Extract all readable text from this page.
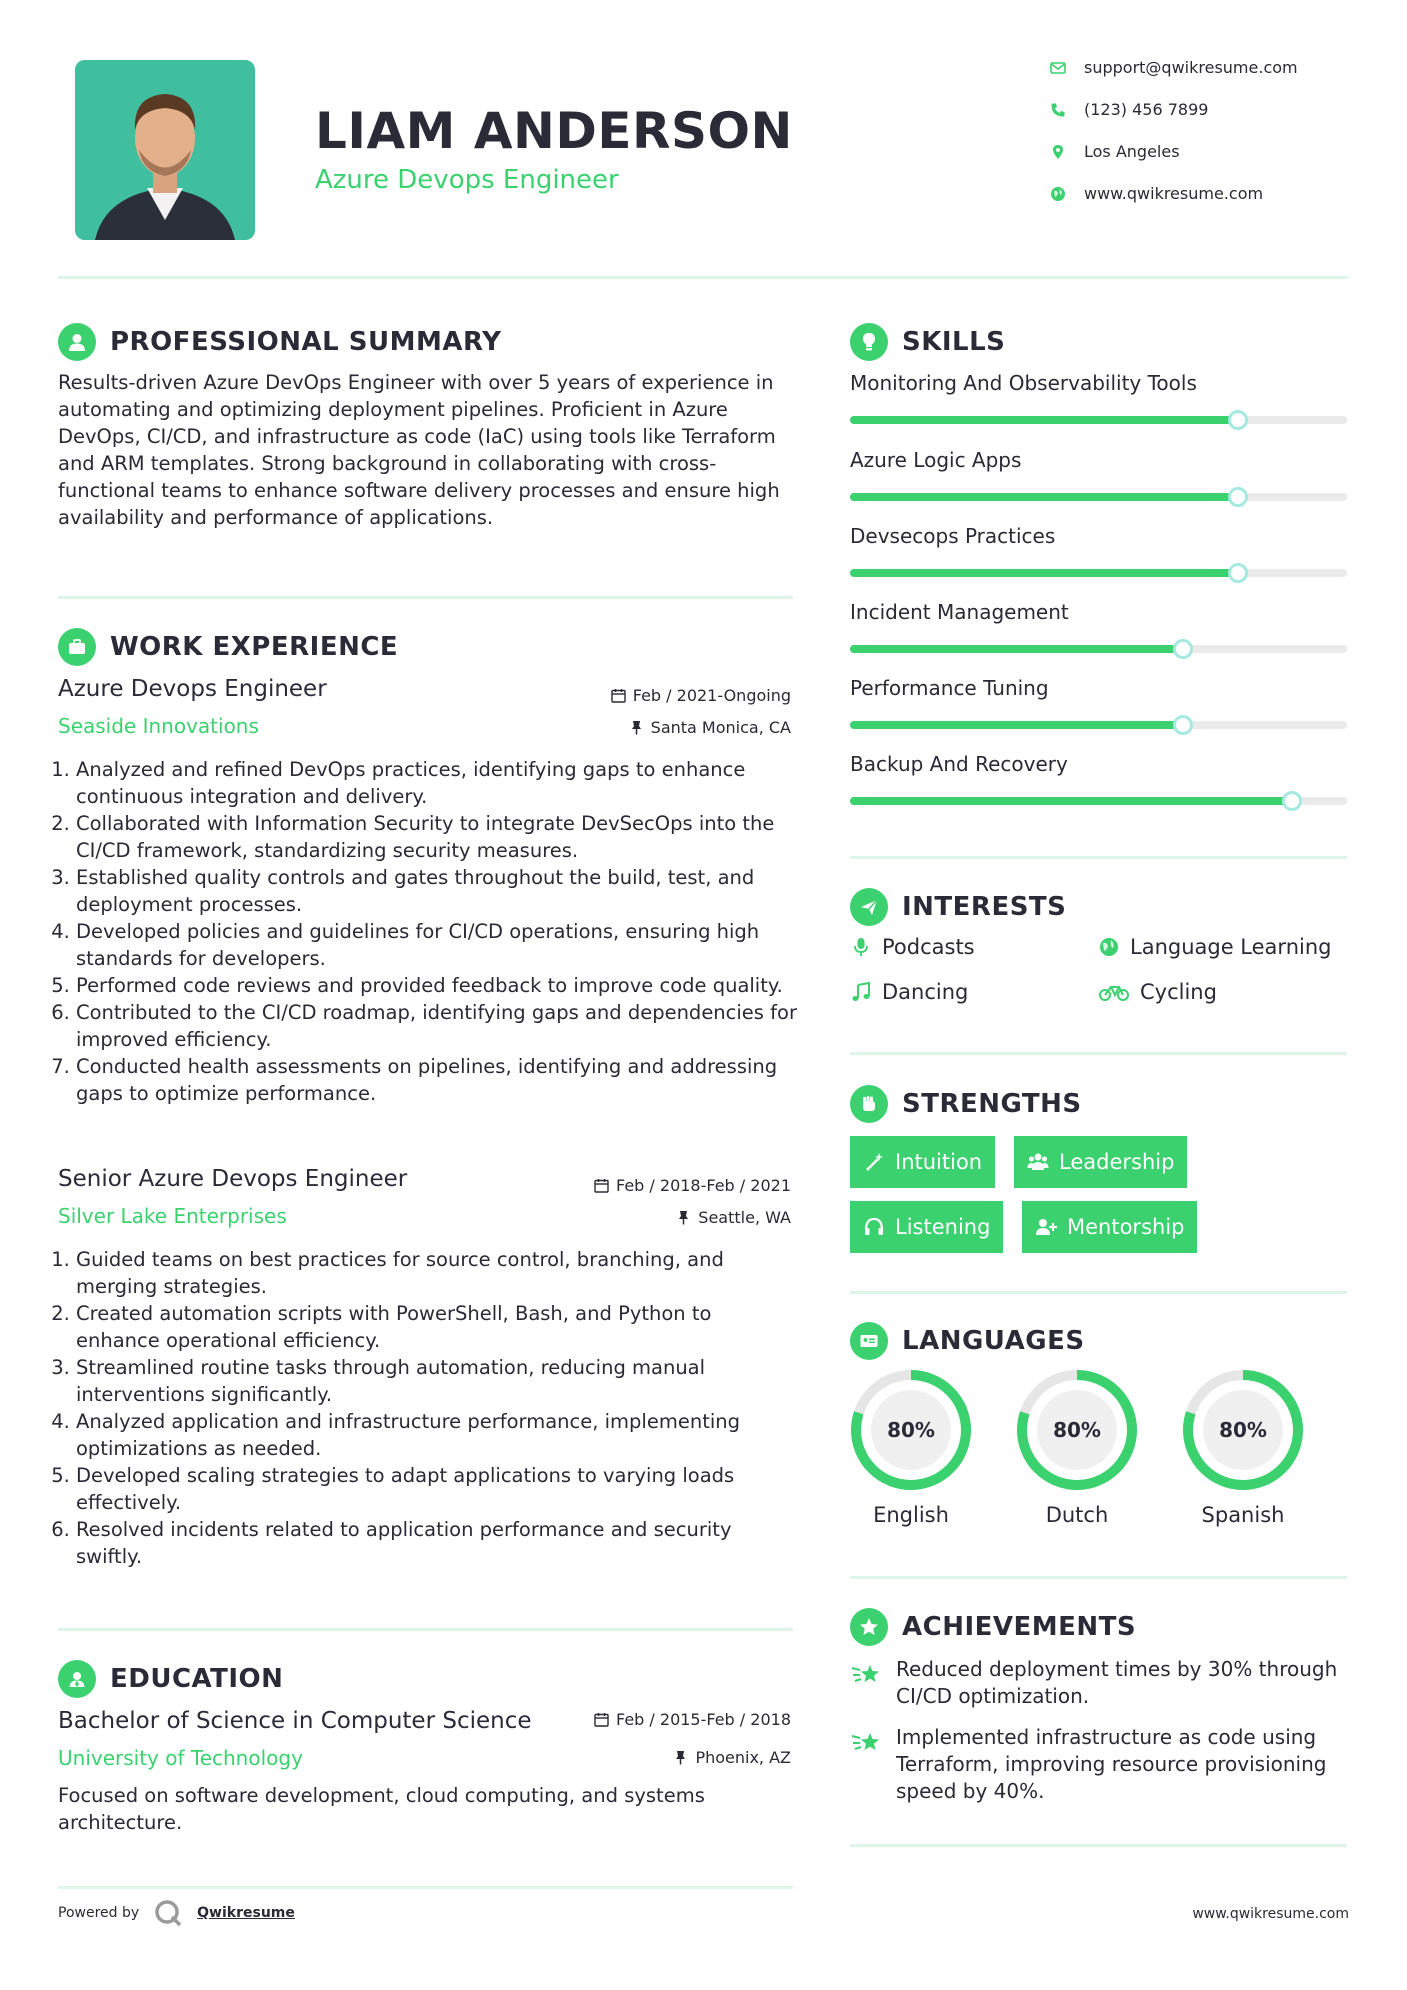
LIAM ANDERSON
Azure Devops Engineer
support@qwikresume.com
(123) 456 7899
Los Angeles
www.qwikresume.com
PROFESSIONAL SUMMARY
Results-driven Azure DevOps Engineer with over 5 years of experience in automating and optimizing deployment pipelines. Proficient in Azure DevOps, CI/CD, and infrastructure as code (IaC) using tools like Terraform and ARM templates. Strong background in collaborating with cross-functional teams to enhance software delivery processes and ensure high availability and performance of applications.
WORK EXPERIENCE
Azure Devops Engineer	Feb / 2021-Ongoing
Seaside Innovations	Santa Monica, CA
1. Analyzed and refined DevOps practices, identifying gaps to enhance continuous integration and delivery.
2. Collaborated with Information Security to integrate DevSecOps into the CI/CD framework, standardizing security measures.
3. Established quality controls and gates throughout the build, test, and deployment processes.
4. Developed policies and guidelines for CI/CD operations, ensuring high standards for developers.
5. Performed code reviews and provided feedback to improve code quality.
6. Contributed to the CI/CD roadmap, identifying gaps and dependencies for improved efficiency.
7. Conducted health assessments on pipelines, identifying and addressing gaps to optimize performance.
Senior Azure Devops Engineer	Feb / 2018-Feb / 2021
Silver Lake Enterprises	Seattle, WA
1. Guided teams on best practices for source control, branching, and merging strategies.
2. Created automation scripts with PowerShell, Bash, and Python to enhance operational efficiency.
3. Streamlined routine tasks through automation, reducing manual interventions significantly.
4. Analyzed application and infrastructure performance, implementing optimizations as needed.
5. Developed scaling strategies to adapt applications to varying loads effectively.
6. Resolved incidents related to application performance and security swiftly.
EDUCATION
Bachelor of Science in Computer Science	Feb / 2015-Feb / 2018
University of Technology	Phoenix, AZ
Focused on software development, cloud computing, and systems architecture.
SKILLS
Monitoring And Observability Tools
Azure Logic Apps
Devsecops Practices
Incident Management
Performance Tuning
Backup And Recovery
INTERESTS
Podcasts	Language Learning
Dancing	Cycling
STRENGTHS
Intuition	Leadership
Listening	Mentorship
LANGUAGES
80%
English
80%
Dutch
80%
Spanish
ACHIEVEMENTS
Reduced deployment times by 30% through CI/CD optimization.
Implemented infrastructure as code using Terraform, improving resource provisioning speed by 40%.
Powered by	Qwikresume	www.qwikresume.com
